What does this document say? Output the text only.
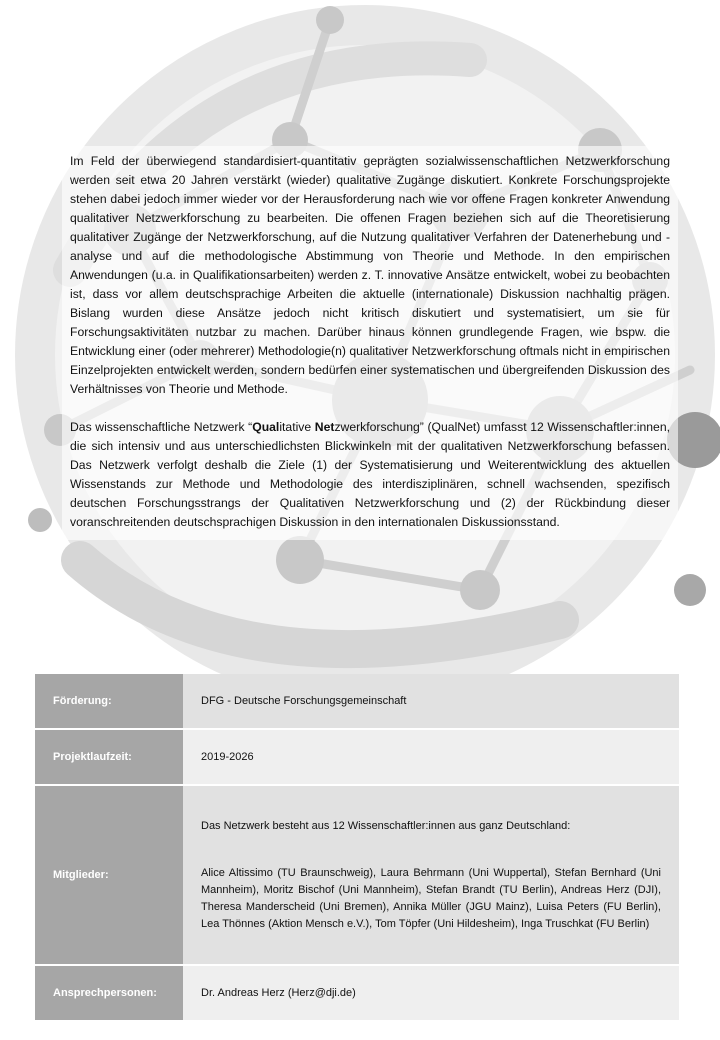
Im Feld der überwiegend standardisiert-quantitativ geprägten sozialwissenschaftlichen Netzwerkforschung werden seit etwa 20 Jahren verstärkt (wieder) qualitative Zugänge diskutiert. Konkrete Forschungsprojekte stehen dabei jedoch immer wieder vor der Herausforderung nach wie vor offene Fragen konkreter Anwendung qualitativer Netzwerkforschung zu bearbeiten. Die offenen Fragen beziehen sich auf die Theoretisierung qualitativer Zugänge der Netzwerkforschung, auf die Nutzung qualitativer Verfahren der Datenerhebung und -analyse und auf die methodologische Abstimmung von Theorie und Methode. In den empirischen Anwendungen (u.a. in Qualifikationsarbeiten) werden z. T. innovative Ansätze entwickelt, wobei zu beobachten ist, dass vor allem deutschsprachige Arbeiten die aktuelle (internationale) Diskussion nachhaltig prägen. Bislang wurden diese Ansätze jedoch nicht kritisch diskutiert und systematisiert, um sie für Forschungsaktivitäten nutzbar zu machen. Darüber hinaus können grundlegende Fragen, wie bspw. die Entwicklung einer (oder mehrerer) Methodologie(n) qualitativer Netzwerkforschung oftmals nicht in empirischen Einzelprojekten entwickelt werden, sondern bedürfen einer systematischen und übergreifenden Diskussion des Verhältnisses von Theorie und Methode.

Das wissenschaftliche Netzwerk “Qualitative Netzwerkforschung” (QualNet) umfasst 12 Wissenschaftler:innen, die sich intensiv und aus unterschiedlichsten Blickwinkeln mit der qualitativen Netzwerkforschung befassen. Das Netzwerk verfolgt deshalb die Ziele (1) der Systematisierung und Weiterentwicklung des aktuellen Wissenstands zur Methode und Methodologie des interdisziplinären, schnell wachsenden, spezifisch deutschen Forschungsstrangs der Qualitativen Netzwerkforschung und (2) der Rückbindung dieser voranschreitenden deutschsprachigen Diskussion in den internationalen Diskussionsstand.

Förderung:	DFG - Deutsche Forschungsgemeinschaft
Projektlaufzeit:	2019-2026
Mitglieder:	Das Netzwerk besteht aus 12 Wissenschaftler:innen aus ganz Deutschland:

Alice Altissimo (TU Braunschweig), Laura Behrmann (Uni Wuppertal), Stefan Bernhard (Uni Mannheim), Moritz Bischof (Uni Mannheim), Stefan Brandt (TU Berlin), Andreas Herz (DJI), Theresa Manderscheid (Uni Bremen), Annika Müller (JGU Mainz), Luisa Peters (FU Berlin), Lea Thönnes (Aktion Mensch e.V.), Tom Töpfer (Uni Hildesheim), Inga Truschkat (FU Berlin)

Ansprechpersonen:	Dr. Andreas Herz (Herz@dji.de)
